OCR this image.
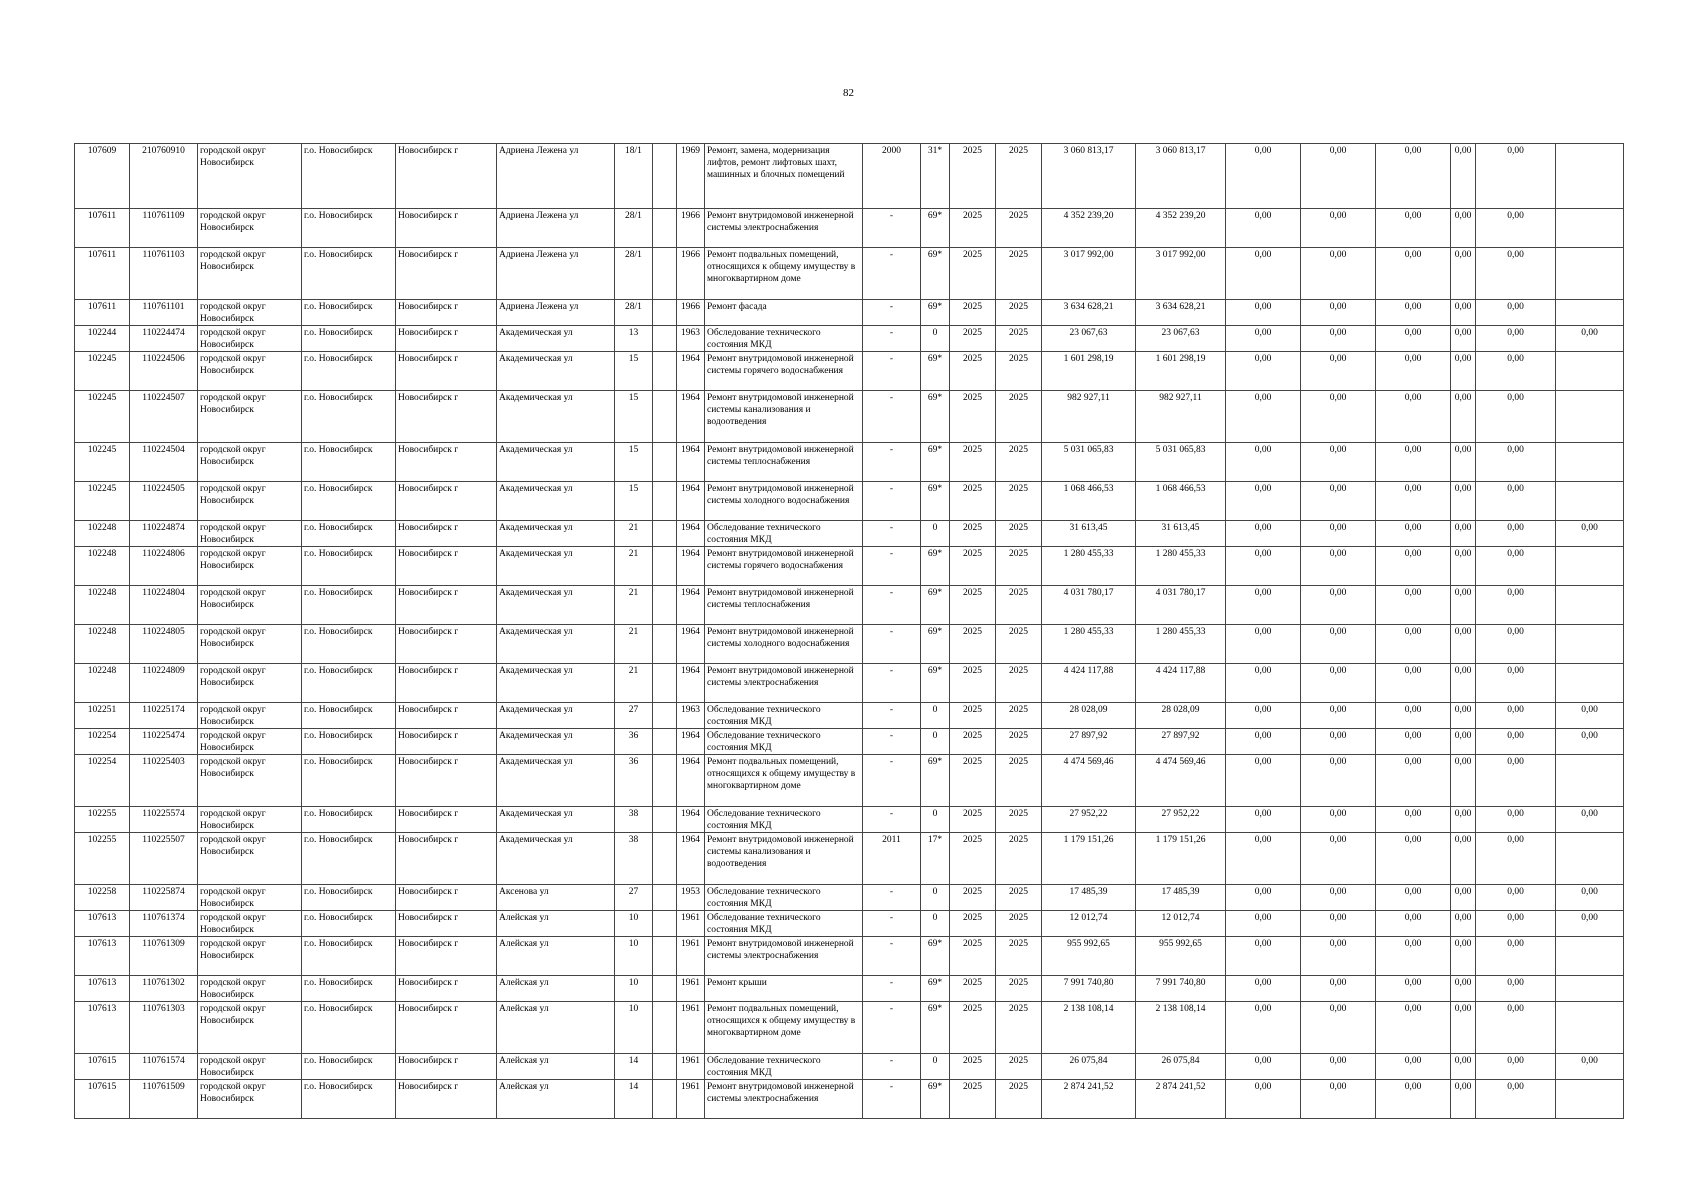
82
107609	210760910	городской округ Новосибирск	г.о. Новосибирск	Новосибирск г	Адриена Лежена ул	18/1		1969	Ремонт, замена, модернизация лифтов, ремонт лифтовых шахт, машинных и блочных помещений	2000	31*	2025	2025	3 060 813,17	3 060 813,17	0,00	0,00	0,00	0,00	0,00	
107611	110761109	городской округ Новосибирск	г.о. Новосибирск	Новосибирск г	Адриена Лежена ул	28/1		1966	Ремонт внутридомовой инженерной системы электроснабжения	-	69*	2025	2025	4 352 239,20	4 352 239,20	0,00	0,00	0,00	0,00	0,00	
107611	110761103	городской округ Новосибирск	г.о. Новосибирск	Новосибирск г	Адриена Лежена ул	28/1		1966	Ремонт подвальных помещений, относящихся к общему имуществу в многоквартирном доме	-	69*	2025	2025	3 017 992,00	3 017 992,00	0,00	0,00	0,00	0,00	0,00	
107611	110761101	городской округ Новосибирск	г.о. Новосибирск	Новосибирск г	Адриена Лежена ул	28/1		1966	Ремонт фасада	-	69*	2025	2025	3 634 628,21	3 634 628,21	0,00	0,00	0,00	0,00	0,00	
102244	110224474	городской округ Новосибирск	г.о. Новосибирск	Новосибирск г	Академическая ул	13		1963	Обследование технического состояния МКД	-	0	2025	2025	23 067,63	23 067,63	0,00	0,00	0,00	0,00	0,00	0,00
102245	110224506	городской округ Новосибирск	г.о. Новосибирск	Новосибирск г	Академическая ул	15		1964	Ремонт внутридомовой инженерной системы горячего водоснабжения	-	69*	2025	2025	1 601 298,19	1 601 298,19	0,00	0,00	0,00	0,00	0,00	
102245	110224507	городской округ Новосибирск	г.о. Новосибирск	Новосибирск г	Академическая ул	15		1964	Ремонт внутридомовой инженерной системы канализования и водоотведения	-	69*	2025	2025	982 927,11	982 927,11	0,00	0,00	0,00	0,00	0,00	
102245	110224504	городской округ Новосибирск	г.о. Новосибирск	Новосибирск г	Академическая ул	15		1964	Ремонт внутридомовой инженерной системы теплоснабжения	-	69*	2025	2025	5 031 065,83	5 031 065,83	0,00	0,00	0,00	0,00	0,00	
102245	110224505	городской округ Новосибирск	г.о. Новосибирск	Новосибирск г	Академическая ул	15		1964	Ремонт внутридомовой инженерной системы холодного водоснабжения	-	69*	2025	2025	1 068 466,53	1 068 466,53	0,00	0,00	0,00	0,00	0,00	
102248	110224874	городской округ Новосибирск	г.о. Новосибирск	Новосибирск г	Академическая ул	21		1964	Обследование технического состояния МКД	-	0	2025	2025	31 613,45	31 613,45	0,00	0,00	0,00	0,00	0,00	0,00
102248	110224806	городской округ Новосибирск	г.о. Новосибирск	Новосибирск г	Академическая ул	21		1964	Ремонт внутридомовой инженерной системы горячего водоснабжения	-	69*	2025	2025	1 280 455,33	1 280 455,33	0,00	0,00	0,00	0,00	0,00	
102248	110224804	городской округ Новосибирск	г.о. Новосибирск	Новосибирск г	Академическая ул	21		1964	Ремонт внутридомовой инженерной системы теплоснабжения	-	69*	2025	2025	4 031 780,17	4 031 780,17	0,00	0,00	0,00	0,00	0,00	
102248	110224805	городской округ Новосибирск	г.о. Новосибирск	Новосибирск г	Академическая ул	21		1964	Ремонт внутридомовой инженерной системы холодного водоснабжения	-	69*	2025	2025	1 280 455,33	1 280 455,33	0,00	0,00	0,00	0,00	0,00	
102248	110224809	городской округ Новосибирск	г.о. Новосибирск	Новосибирск г	Академическая ул	21		1964	Ремонт внутридомовой инженерной системы электроснабжения	-	69*	2025	2025	4 424 117,88	4 424 117,88	0,00	0,00	0,00	0,00	0,00	
102251	110225174	городской округ Новосибирск	г.о. Новосибирск	Новосибирск г	Академическая ул	27		1963	Обследование технического состояния МКД	-	0	2025	2025	28 028,09	28 028,09	0,00	0,00	0,00	0,00	0,00	0,00
102254	110225474	городской округ Новосибирск	г.о. Новосибирск	Новосибирск г	Академическая ул	36		1964	Обследование технического состояния МКД	-	0	2025	2025	27 897,92	27 897,92	0,00	0,00	0,00	0,00	0,00	0,00
102254	110225403	городской округ Новосибирск	г.о. Новосибирск	Новосибирск г	Академическая ул	36		1964	Ремонт подвальных помещений, относящихся к общему имуществу в многоквартирном доме	-	69*	2025	2025	4 474 569,46	4 474 569,46	0,00	0,00	0,00	0,00	0,00	
102255	110225574	городской округ Новосибирск	г.о. Новосибирск	Новосибирск г	Академическая ул	38		1964	Обследование технического состояния МКД	-	0	2025	2025	27 952,22	27 952,22	0,00	0,00	0,00	0,00	0,00	0,00
102255	110225507	городской округ Новосибирск	г.о. Новосибирск	Новосибирск г	Академическая ул	38		1964	Ремонт внутридомовой инженерной системы канализования и водоотведения	2011	17*	2025	2025	1 179 151,26	1 179 151,26	0,00	0,00	0,00	0,00	0,00	
102258	110225874	городской округ Новосибирск	г.о. Новосибирск	Новосибирск г	Аксенова ул	27		1953	Обследование технического состояния МКД	-	0	2025	2025	17 485,39	17 485,39	0,00	0,00	0,00	0,00	0,00	0,00
107613	110761374	городской округ Новосибирск	г.о. Новосибирск	Новосибирск г	Алейская ул	10		1961	Обследование технического состояния МКД	-	0	2025	2025	12 012,74	12 012,74	0,00	0,00	0,00	0,00	0,00	0,00
107613	110761309	городской округ Новосибирск	г.о. Новосибирск	Новосибирск г	Алейская ул	10		1961	Ремонт внутридомовой инженерной системы электроснабжения	-	69*	2025	2025	955 992,65	955 992,65	0,00	0,00	0,00	0,00	0,00	
107613	110761302	городской округ Новосибирск	г.о. Новосибирск	Новосибирск г	Алейская ул	10		1961	Ремонт крыши	-	69*	2025	2025	7 991 740,80	7 991 740,80	0,00	0,00	0,00	0,00	0,00	
107613	110761303	городской округ Новосибирск	г.о. Новосибирск	Новосибирск г	Алейская ул	10		1961	Ремонт подвальных помещений, относящихся к общему имуществу в многоквартирном доме	-	69*	2025	2025	2 138 108,14	2 138 108,14	0,00	0,00	0,00	0,00	0,00	
107615	110761574	городской округ Новосибирск	г.о. Новосибирск	Новосибирск г	Алейская ул	14		1961	Обследование технического состояния МКД	-	0	2025	2025	26 075,84	26 075,84	0,00	0,00	0,00	0,00	0,00	0,00
107615	110761509	городской округ Новосибирск	г.о. Новосибирск	Новосибирск г	Алейская ул	14		1961	Ремонт внутридомовой инженерной системы электроснабжения	-	69*	2025	2025	2 874 241,52	2 874 241,52	0,00	0,00	0,00	0,00	0,00	
